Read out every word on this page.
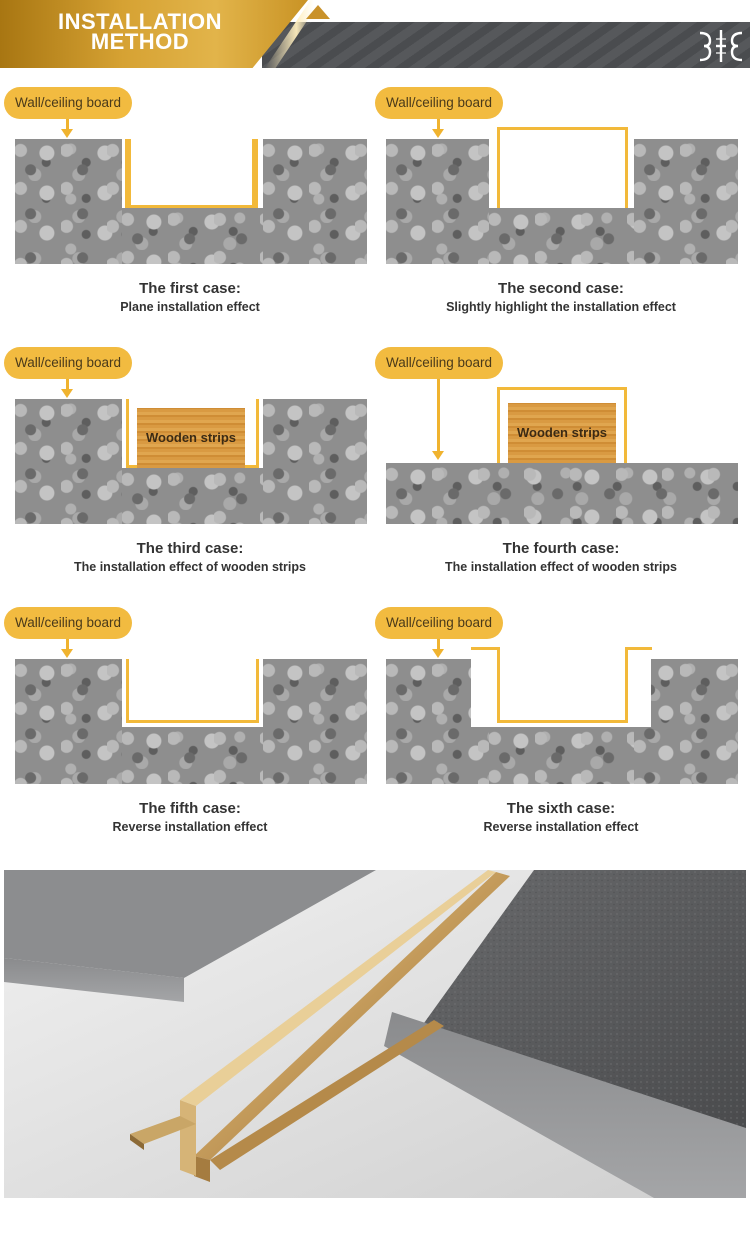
INSTALLATION
METHOD
Wall/ceiling board
The first case:
Plane installation effect
Wall/ceiling board
The second case:
Slightly highlight the installation effect
Wall/ceiling board
Wooden strips
The third case:
The installation effect of wooden strips
Wall/ceiling board
Wooden strips
The fourth case:
The installation effect of wooden strips
Wall/ceiling board
The fifth case:
Reverse installation effect
Wall/ceiling board
The sixth case:
Reverse installation effect
